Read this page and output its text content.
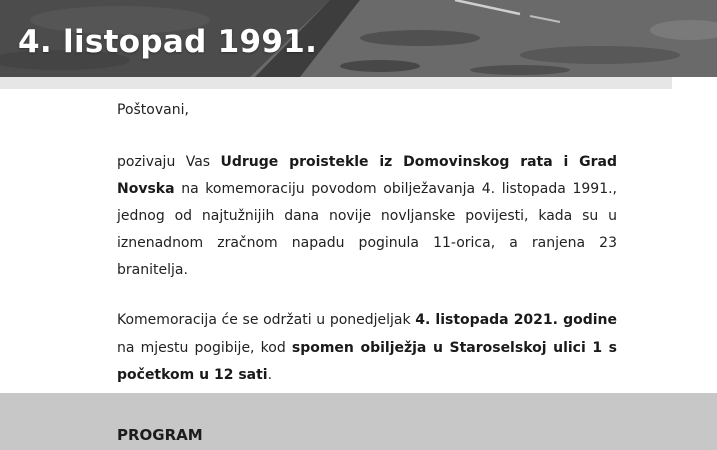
4. listopad 1991.

Poštovani,

pozivaju Vas Udruge proistekle iz Domovinskog rata i Grad Novska na komemoraciju povodom obilježavanja 4. listopada 1991., jednog od najtužnijih dana novije novljanske povijesti, kada su u iznenadnom zračnom napadu poginula 11-orica, a ranjena 23 branitelja.

Komemoracija će se održati u ponedjeljak 4. listopada 2021. godine na mjestu pogibije, kod spomen obilježja u Staroselskoj ulici 1 s početkom u 12 sati.

PROGRAM
